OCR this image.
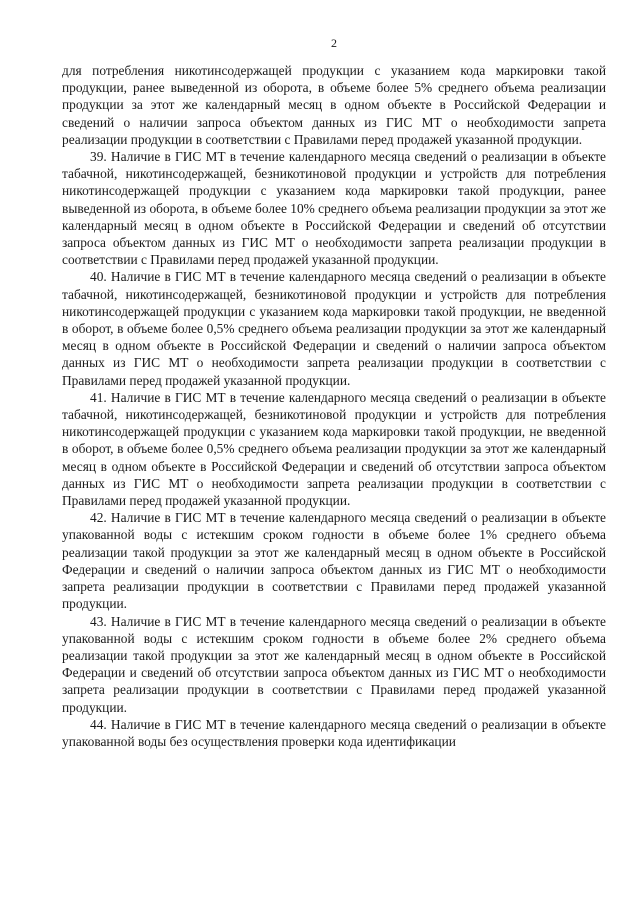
2

для потребления никотинсодержащей продукции с указанием кода маркировки такой продукции, ранее выведенной из оборота, в объеме более 5% среднего объема реализации продукции за этот же календарный месяц в одном объекте в Российской Федерации и сведений о наличии запроса объектом данных из ГИС МТ о необходимости запрета реализации продукции в соответствии с Правилами перед продажей указанной продукции.

39. Наличие в ГИС МТ в течение календарного месяца сведений о реализации в объекте табачной, никотинсодержащей, безникотиновой продукции и устройств для потребления никотинсодержащей продукции с указанием кода маркировки такой продукции, ранее выведенной из оборота, в объеме более 10% среднего объема реализации продукции за этот же календарный месяц в одном объекте в Российской Федерации и сведений об отсутствии запроса объектом данных из ГИС МТ о необходимости запрета реализации продукции в соответствии с Правилами перед продажей указанной продукции.

40. Наличие в ГИС МТ в течение календарного месяца сведений о реализации в объекте табачной, никотинсодержащей, безникотиновой продукции и устройств для потребления никотинсодержащей продукции с указанием кода маркировки такой продукции, не введенной в оборот, в объеме более 0,5% среднего объема реализации продукции за этот же календарный месяц в одном объекте в Российской Федерации и сведений о наличии запроса объектом данных из ГИС МТ о необходимости запрета реализации продукции в соответствии с Правилами перед продажей указанной продукции.

41. Наличие в ГИС МТ в течение календарного месяца сведений о реализации в объекте табачной, никотинсодержащей, безникотиновой продукции и устройств для потребления никотинсодержащей продукции с указанием кода маркировки такой продукции, не введенной в оборот, в объеме более 0,5% среднего объема реализации продукции за этот же календарный месяц в одном объекте в Российской Федерации и сведений об отсутствии запроса объектом данных из ГИС МТ о необходимости запрета реализации продукции в соответствии с Правилами перед продажей указанной продукции.

42. Наличие в ГИС МТ в течение календарного месяца сведений о реализации в объекте упакованной воды с истекшим сроком годности в объеме более 1% среднего объема реализации такой продукции за этот же календарный месяц в одном объекте в Российской Федерации и сведений о наличии запроса объектом данных из ГИС МТ о необходимости запрета реализации продукции в соответствии с Правилами перед продажей указанной продукции.

43. Наличие в ГИС МТ в течение календарного месяца сведений о реализации в объекте упакованной воды с истекшим сроком годности в объеме более 2% среднего объема реализации такой продукции за этот же календарный месяц в одном объекте в Российской Федерации и сведений об отсутствии запроса объектом данных из ГИС МТ о необходимости запрета реализации продукции в соответствии с Правилами перед продажей указанной продукции.

44. Наличие в ГИС МТ в течение календарного месяца сведений о реализации в объекте упакованной воды без осуществления проверки кода идентификации
